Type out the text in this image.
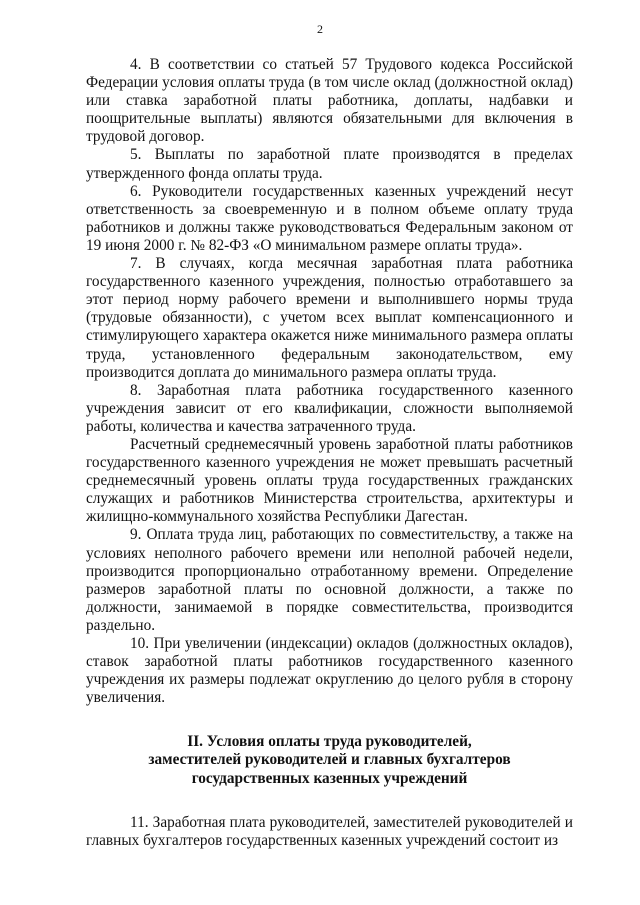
2

4. В соответствии со статьей 57 Трудового кодекса Российской Федерации условия оплаты труда (в том числе оклад (должностной оклад) или ставка заработной платы работника, доплаты, надбавки и поощрительные выплаты) являются обязательными для включения в трудовой договор.

5. Выплаты по заработной плате производятся в пределах утвержденного фонда оплаты труда.

6. Руководители государственных казенных учреждений несут ответственность за своевременную и в полном объеме оплату труда работников и должны также руководствоваться Федеральным законом от 19 июня 2000 г. № 82-ФЗ «О минимальном размере оплаты труда».

7. В случаях, когда месячная заработная плата работника государственного казенного учреждения, полностью отработавшего за этот период норму рабочего времени и выполнившего нормы труда (трудовые обязанности), с учетом всех выплат компенсационного и стимулирующего характера окажется ниже минимального размера оплаты труда, установленного федеральным законодательством, ему производится доплата до минимального размера оплаты труда.

8. Заработная плата работника государственного казенного учреждения зависит от его квалификации, сложности выполняемой работы, количества и качества затраченного труда.

Расчетный среднемесячный уровень заработной платы работников государственного казенного учреждения не может превышать расчетный среднемесячный уровень оплаты труда государственных гражданских служащих и работников Министерства строительства, архитектуры и жилищно-коммунального хозяйства Республики Дагестан.

9. Оплата труда лиц, работающих по совместительству, а также на условиях неполного рабочего времени или неполной рабочей недели, производится пропорционально отработанному времени. Определение размеров заработной платы по основной должности, а также по должности, занимаемой в порядке совместительства, производится раздельно.

10. При увеличении (индексации) окладов (должностных окладов), ставок заработной платы работников государственного казенного учреждения их размеры подлежат округлению до целого рубля в сторону увеличения.

II. Условия оплаты труда руководителей,
заместителей руководителей и главных бухгалтеров
государственных казенных учреждений

11. Заработная плата руководителей, заместителей руководителей и главных бухгалтеров государственных казенных учреждений состоит из
